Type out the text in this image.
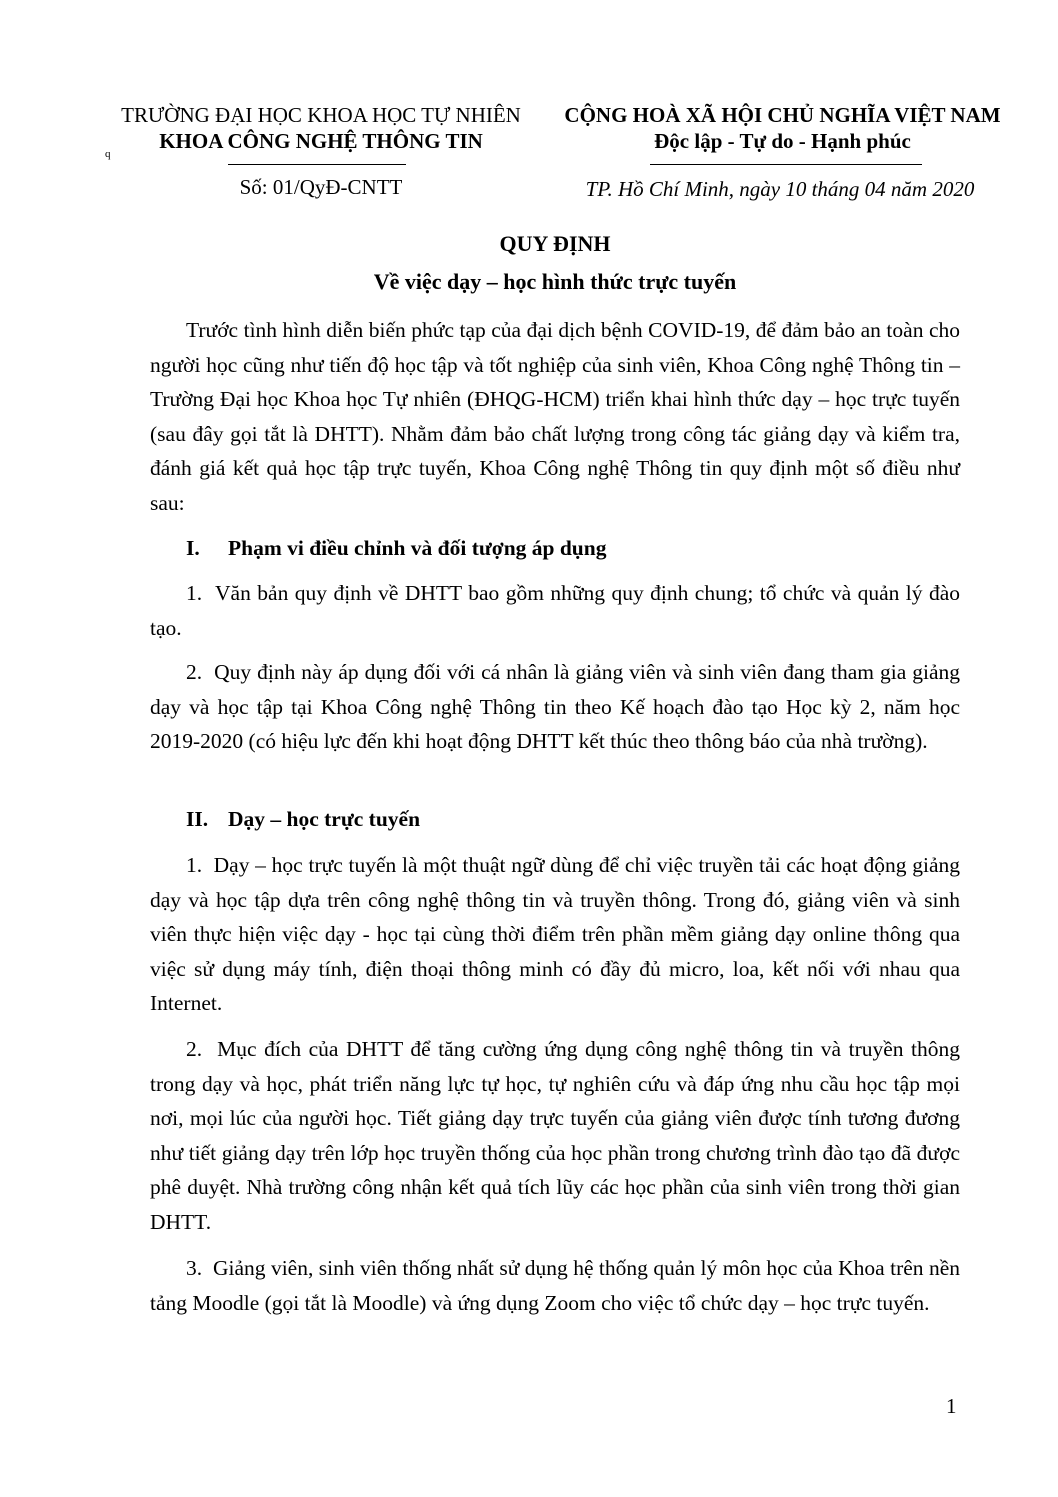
TRƯỜNG ĐẠI HỌC KHOA HỌC TỰ NHIÊN
KHOA CÔNG NGHỆ THÔNG TIN
q
Số: 01/QyĐ-CNTT
CỘNG HOÀ XÃ HỘI CHỦ NGHĨA VIỆT NAM
Độc lập - Tự do - Hạnh phúc
TP. Hồ Chí Minh, ngày 10 tháng 04 năm 2020
QUY ĐỊNH
Về việc dạy – học hình thức trực tuyến
Trước tình hình diễn biến phức tạp của đại dịch bệnh COVID-19, để đảm bảo an toàn cho người học cũng như tiến độ học tập và tốt nghiệp của sinh viên, Khoa Công nghệ Thông tin – Trường Đại học Khoa học Tự nhiên (ĐHQG-HCM) triển khai hình thức dạy – học trực tuyến (sau đây gọi tắt là DHTT). Nhằm đảm bảo chất lượng trong công tác giảng dạy và kiểm tra, đánh giá kết quả học tập trực tuyến, Khoa Công nghệ Thông tin quy định một số điều như sau:
I. Phạm vi điều chỉnh và đối tượng áp dụng
1. Văn bản quy định về DHTT bao gồm những quy định chung; tổ chức và quản lý đào tạo.
2. Quy định này áp dụng đối với cá nhân là giảng viên và sinh viên đang tham gia giảng dạy và học tập tại Khoa Công nghệ Thông tin theo Kế hoạch đào tạo Học kỳ 2, năm học 2019-2020 (có hiệu lực đến khi hoạt động DHTT kết thúc theo thông báo của nhà trường).
II. Dạy – học trực tuyến
1. Dạy – học trực tuyến là một thuật ngữ dùng để chỉ việc truyền tải các hoạt động giảng dạy và học tập dựa trên công nghệ thông tin và truyền thông. Trong đó, giảng viên và sinh viên thực hiện việc dạy - học tại cùng thời điểm trên phần mềm giảng dạy online thông qua việc sử dụng máy tính, điện thoại thông minh có đầy đủ micro, loa, kết nối với nhau qua Internet.
2. Mục đích của DHTT để tăng cường ứng dụng công nghệ thông tin và truyền thông trong dạy và học, phát triển năng lực tự học, tự nghiên cứu và đáp ứng nhu cầu học tập mọi nơi, mọi lúc của người học. Tiết giảng dạy trực tuyến của giảng viên được tính tương đương như tiết giảng dạy trên lớp học truyền thống của học phần trong chương trình đào tạo đã được phê duyệt. Nhà trường công nhận kết quả tích lũy các học phần của sinh viên trong thời gian DHTT.
3. Giảng viên, sinh viên thống nhất sử dụng hệ thống quản lý môn học của Khoa trên nền tảng Moodle (gọi tắt là Moodle) và ứng dụng Zoom cho việc tổ chức dạy – học trực tuyến.
1
